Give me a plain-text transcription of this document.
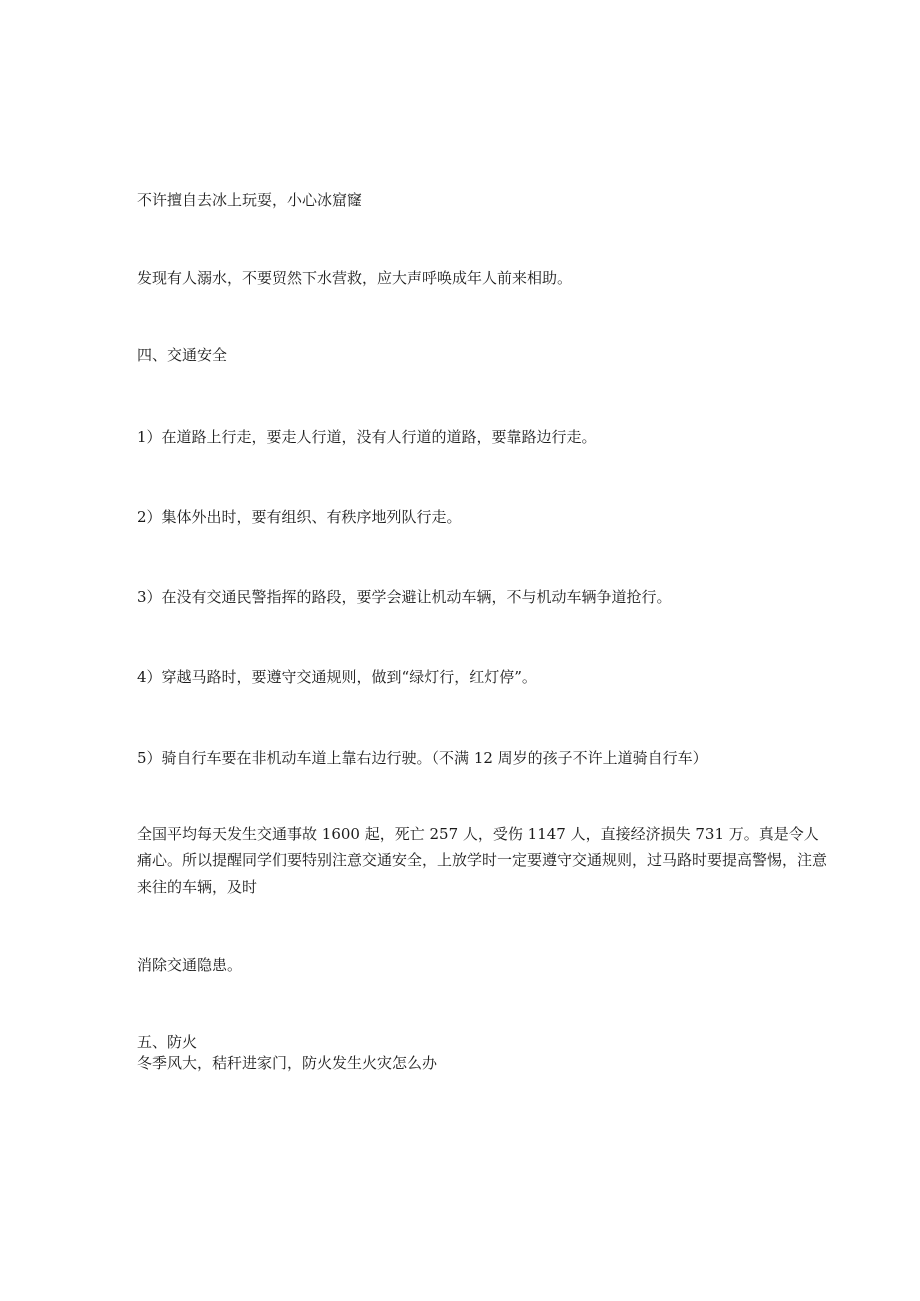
不许擅自去冰上玩耍，小心冰窟窿

发现有人溺水，不要贸然下水营救，应大声呼唤成年人前来相助。

四、交通安全

1）在道路上行走，要走人行道，没有人行道的道路，要靠路边行走。

2）集体外出时，要有组织、有秩序地列队行走。

3）在没有交通民警指挥的路段，要学会避让机动车辆，不与机动车辆争道抢行。

4）穿越马路时，要遵守交通规则，做到“绿灯行，红灯停”。

5）骑自行车要在非机动车道上靠右边行驶。（不满 12 周岁的孩子不许上道骑自行车）

全国平均每天发生交通事故 1600 起，死亡 257 人，受伤 1147 人，直接经济损失 731 万。真是令人

痛心。所以提醒同学们要特别注意交通安全，上放学时一定要遵守交通规则，过马路时要提高警惕，注意

来往的车辆，及时

消除交通隐患。

五、防火

冬季风大，秸秆进家门，防火发生火灾怎么办
